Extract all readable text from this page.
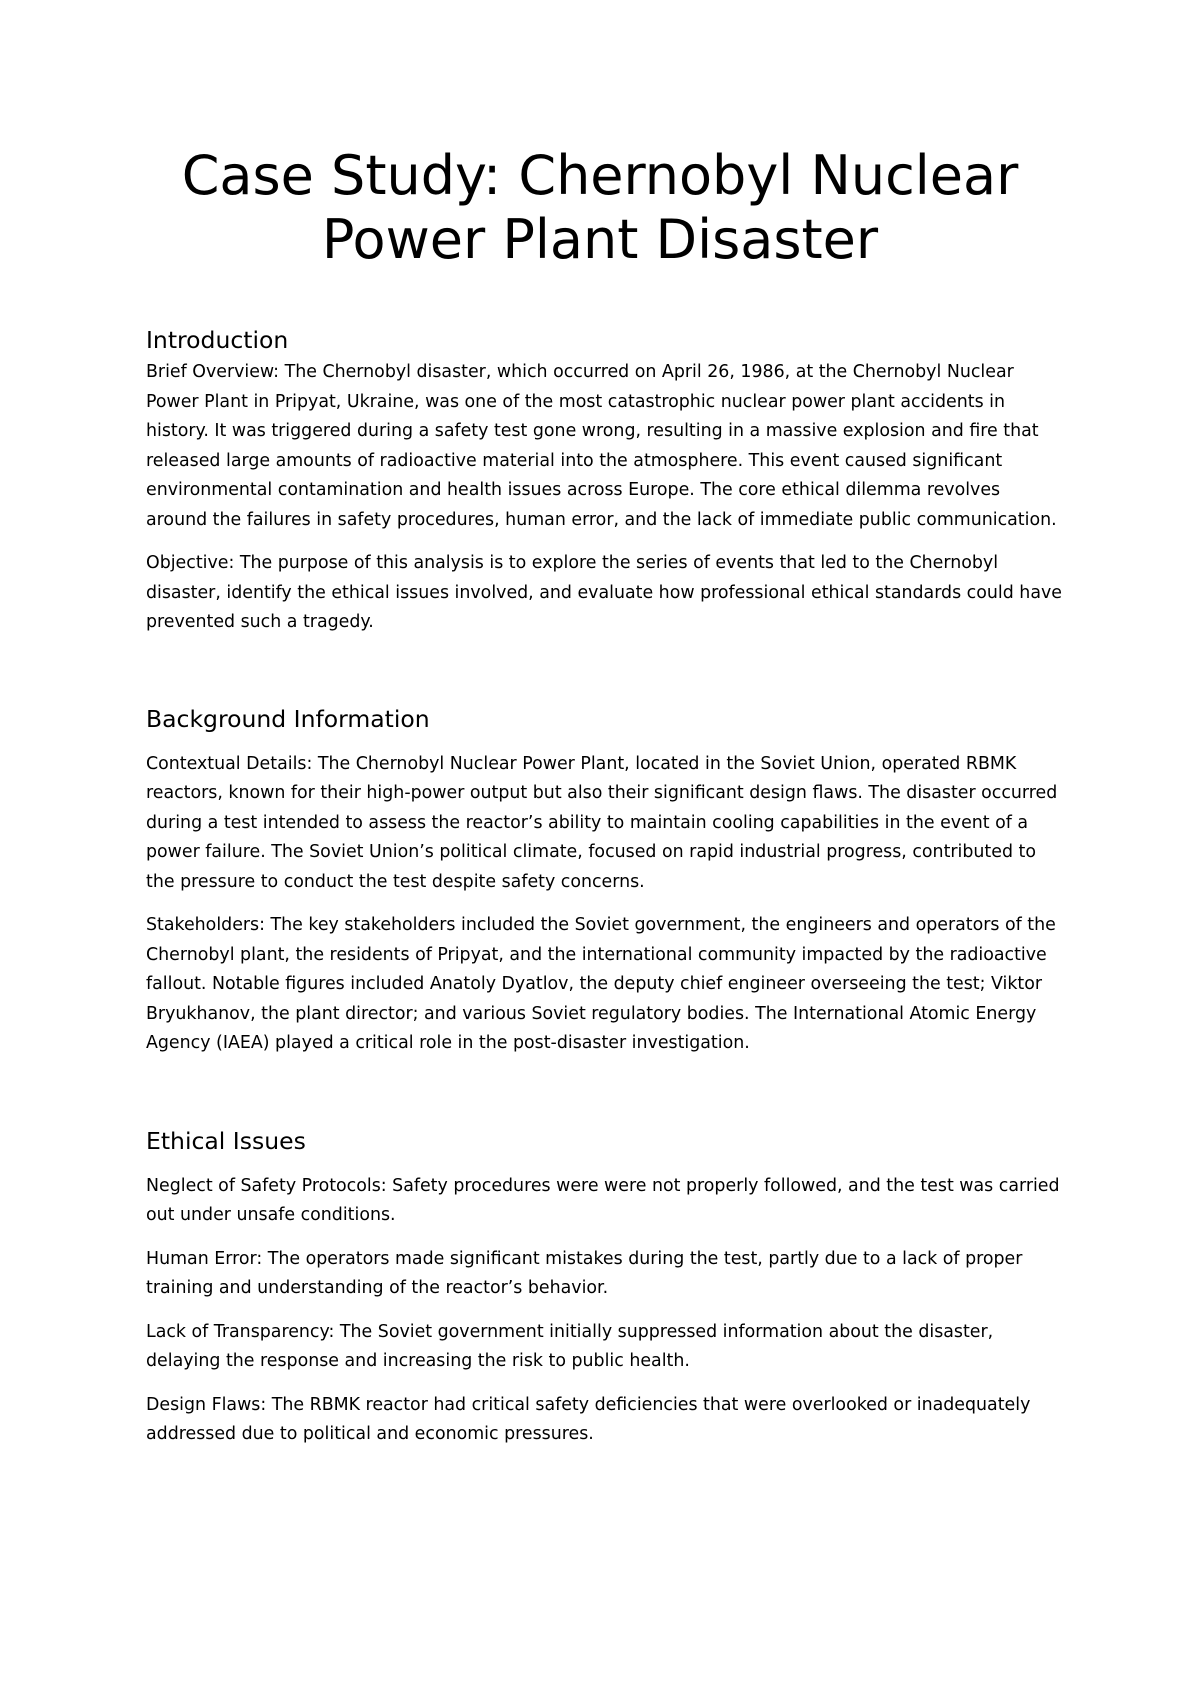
Case Study: Chernobyl Nuclear
Power Plant Disaster
Introduction

Brief Overview: The Chernobyl disaster, which occurred on April 26, 1986, at the Chernobyl Nuclear Power Plant in Pripyat, Ukraine, was one of the most catastrophic nuclear power plant accidents in history. It was triggered during a safety test gone wrong, resulting in a massive explosion and fire that released large amounts of radioactive material into the atmosphere. This event caused significant environmental contamination and health issues across Europe. The core ethical dilemma revolves around the failures in safety procedures, human error, and the lack of immediate public communication.

Objective: The purpose of this analysis is to explore the series of events that led to the Chernobyl disaster, identify the ethical issues involved, and evaluate how professional ethical standards could have prevented such a tragedy.

Background Information

Contextual Details: The Chernobyl Nuclear Power Plant, located in the Soviet Union, operated RBMK reactors, known for their high-power output but also their significant design flaws. The disaster occurred during a test intended to assess the reactor’s ability to maintain cooling capabilities in the event of a power failure. The Soviet Union’s political climate, focused on rapid industrial progress, contributed to the pressure to conduct the test despite safety concerns.

Stakeholders: The key stakeholders included the Soviet government, the engineers and operators of the Chernobyl plant, the residents of Pripyat, and the international community impacted by the radioactive fallout. Notable figures included Anatoly Dyatlov, the deputy chief engineer overseeing the test; Viktor Bryukhanov, the plant director; and various Soviet regulatory bodies. The International Atomic Energy Agency (IAEA) played a critical role in the post-disaster investigation.

Ethical Issues

Neglect of Safety Protocols: Safety procedures were were not properly followed, and the test was carried out under unsafe conditions.

Human Error: The operators made significant mistakes during the test, partly due to a lack of proper training and understanding of the reactor’s behavior.

Lack of Transparency: The Soviet government initially suppressed information about the disaster, delaying the response and increasing the risk to public health.

Design Flaws: The RBMK reactor had critical safety deficiencies that were overlooked or inadequately addressed due to political and economic pressures.
